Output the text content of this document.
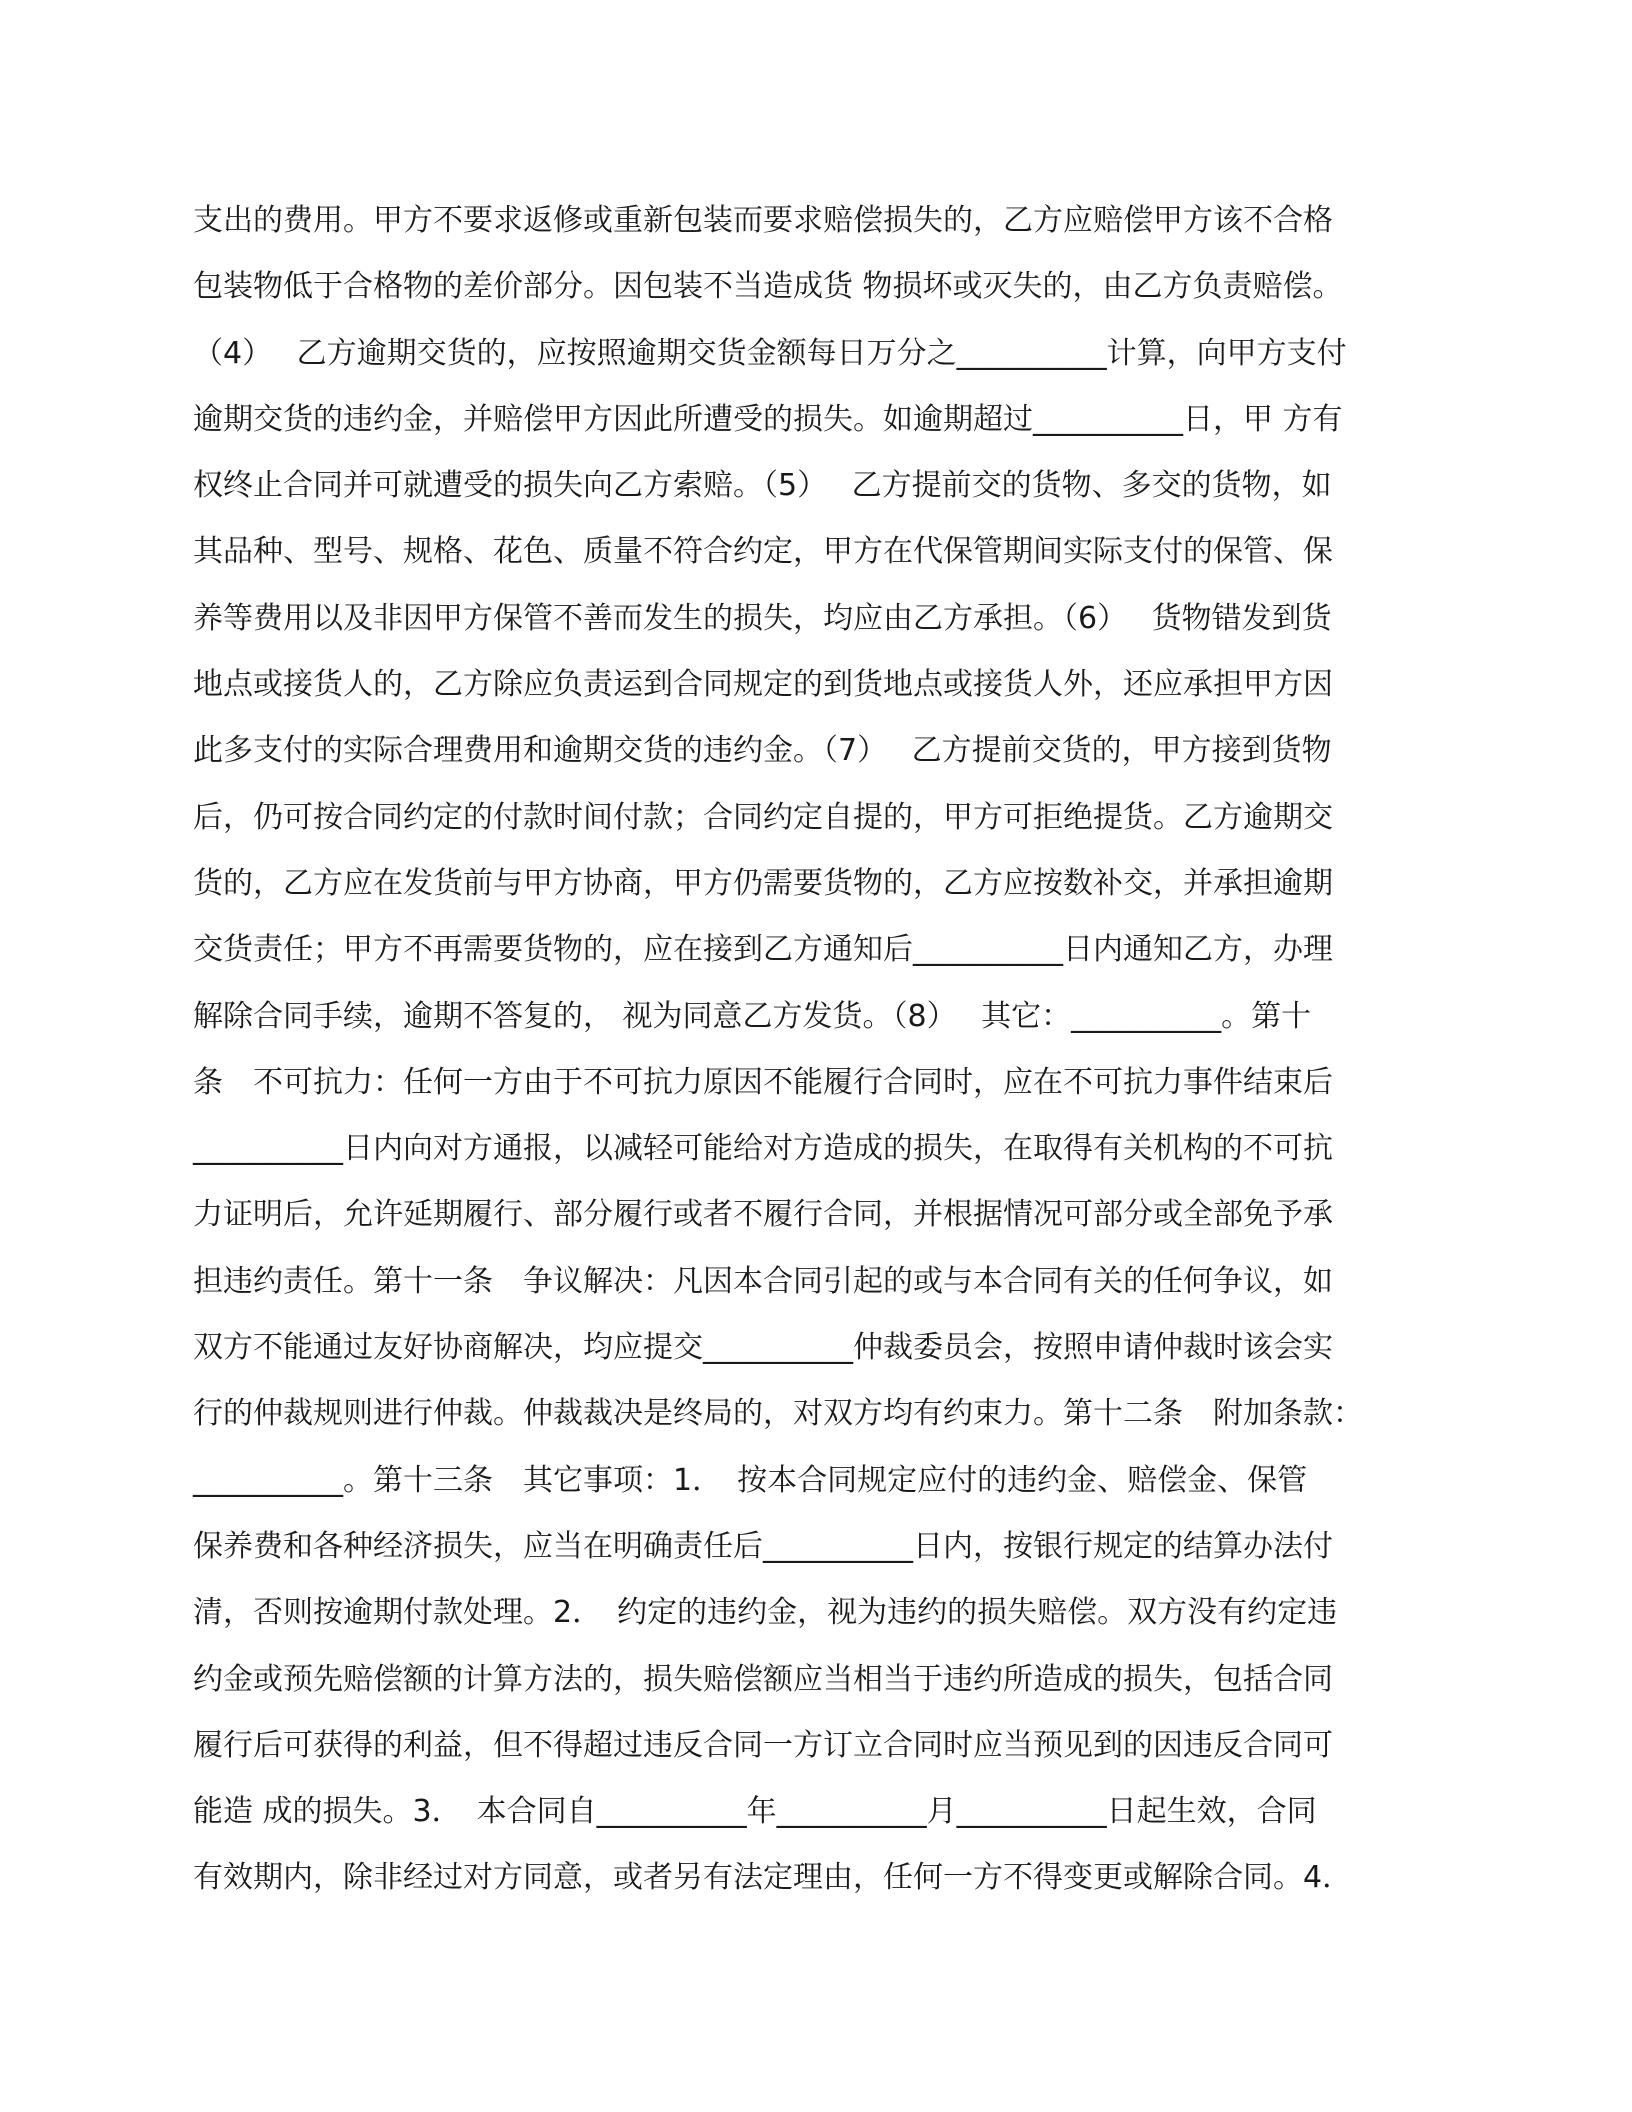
支出的费用。甲方不要求返修或重新包装而要求赔偿损失的，乙方应赔偿甲方该不合格
包装物低于合格物的差价部分。因包装不当造成货 物损坏或灭失的，由乙方负责赔偿。
（4）　 乙方逾期交货的，应按照逾期交货金额每日万分之__________计算，向甲方支付
逾期交货的违约金，并赔偿甲方因此所遭受的损失。如逾期超过__________日，甲 方有
权终止合同并可就遭受的损失向乙方索赔。（5）　 乙方提前交的货物、多交的货物，如
其品种、型号、规格、花色、质量不符合约定，甲方在代保管期间实际支付的保管、保
养等费用以及非因甲方保管不善而发生的损失，均应由乙方承担。（6）　 货物错发到货
地点或接货人的，乙方除应负责运到合同规定的到货地点或接货人外，还应承担甲方因
此多支付的实际合理费用和逾期交货的违约金。（7）　 乙方提前交货的，甲方接到货物
后，仍可按合同约定的付款时间付款；合同约定自提的，甲方可拒绝提货。乙方逾期交
货的，乙方应在发货前与甲方协商，甲方仍需要货物的，乙方应按数补交，并承担逾期
交货责任；甲方不再需要货物的，应在接到乙方通知后__________日内通知乙方，办理
解除合同手续，逾期不答复的， 视为同意乙方发货。（8）　 其它：__________。第十
条　不可抗力：任何一方由于不可抗力原因不能履行合同时，应在不可抗力事件结束后
__________日内向对方通报，以减轻可能给对方造成的损失，在取得有关机构的不可抗
力证明后，允许延期履行、部分履行或者不履行合同，并根据情况可部分或全部免予承
担违约责任。第十一条　争议解决：凡因本合同引起的或与本合同有关的任何争议，如
双方不能通过友好协商解决，均应提交__________仲裁委员会，按照申请仲裁时该会实
行的仲裁规则进行仲裁。仲裁裁决是终局的，对双方均有约束力。第十二条　附加条款：
__________。第十三条　其它事项：1．　按本合同规定应付的违约金、赔偿金、保管
保养费和各种经济损失，应当在明确责任后__________日内，按银行规定的结算办法付
清，否则按逾期付款处理。2．　约定的违约金，视为违约的损失赔偿。双方没有约定违
约金或预先赔偿额的计算方法的，损失赔偿额应当相当于违约所造成的损失，包括合同
履行后可获得的利益，但不得超过违反合同一方订立合同时应当预见到的因违反合同可
能造 成的损失。3．　本合同自__________年__________月__________日起生效，合同
有效期内，除非经过对方同意，或者另有法定理由，任何一方不得变更或解除合同。4．
